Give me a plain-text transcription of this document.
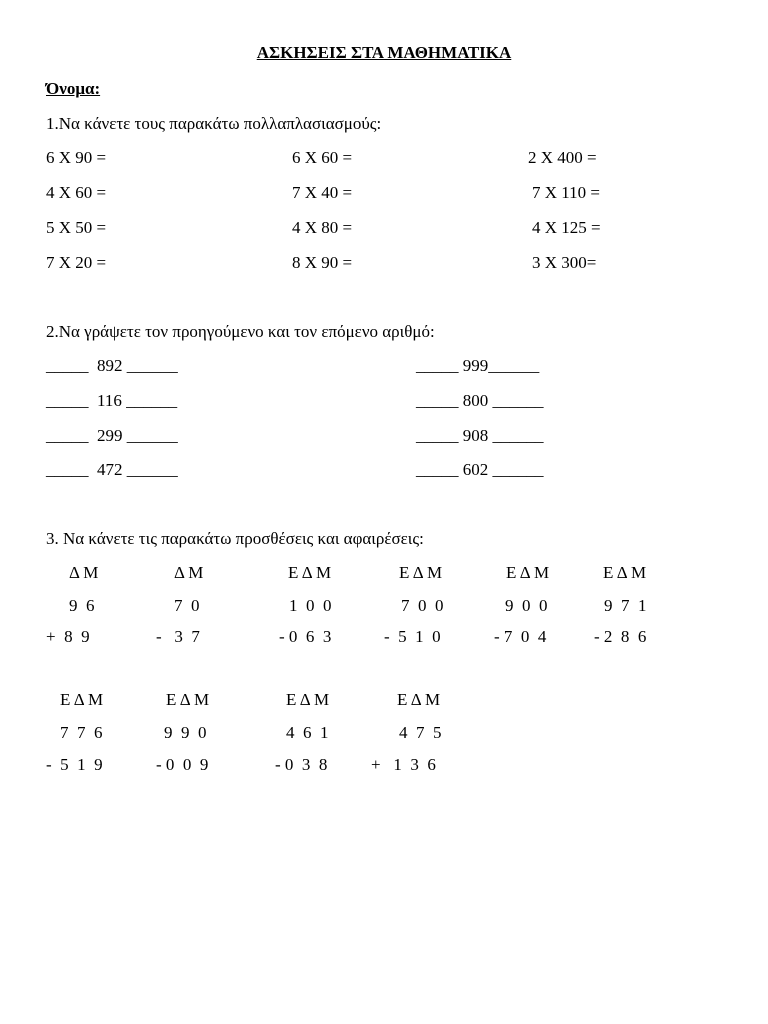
ΑΣΚΗΣΕΙΣ ΣΤΑ ΜΑΘΗΜΑΤΙΚΑ
Όνομα:
1.Να κάνετε τους παρακάτω πολλαπλασιασμούς:
6 Χ 90 =	6 Χ 60 =	2 Χ 400 =
4 Χ 60 =	7 Χ 40 =	7 Χ 110 =
5 Χ 50 =	4 Χ 80 =	4 Χ 125 =
7 Χ 20 =	8 Χ 90 =	3 Χ 300=
2.Να γράψετε τον προηγούμενο και τον επόμενο αριθμό:
_____  892 ______	_____ 999______
_____  116 ______	_____ 800 ______
_____  299 ______	_____ 908 ______
_____  472 ______	_____ 602 ______
3. Να κάνετε τις παρακάτω προσθέσεις και αφαιρέσεις:
Δ Μ
9  6
+  8  9
Δ Μ
7  0
-   3  7
Ε Δ Μ
1  0  0
- 0  6  3
Ε Δ Μ
7  0  0
-  5  1  0
Ε Δ Μ
9  0  0
- 7  0  4
Ε Δ Μ
9  7  1
- 2  8  6
Ε Δ Μ
7  7  6
-  5  1  9
Ε Δ Μ
9  9  0
- 0  0  9
Ε Δ Μ
4  6  1
- 0  3  8
Ε Δ Μ
4  7  5
+   1  3  6
